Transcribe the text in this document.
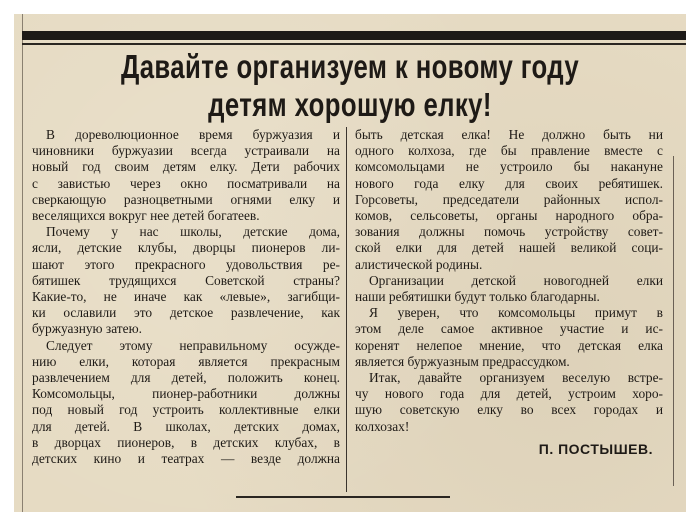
Давайте организуем к новому году
детям хорошую елку!
В дореволюционное время буржуазия и
чиновники буржуазии всегда устраивали на
новый год своим детям елку. Дети рабочих
с завистью через окно посматривали на
сверкающую разноцветными огнями елку и
веселящихся вокруг нее детей богатеев.
Почему у нас школы, детские дома,
ясли, детские клубы, дворцы пионеров ли-
шают этого прекрасного удовольствия ре-
бятишек трудящихся Советской страны?
Какие-то, не иначе как «левые», загибщи-
ки ославили это детское развлечение, как
буржуазную затею.
Следует этому неправильному осужде-
нию елки, которая является прекрасным
развлечением для детей, положить конец.
Комсомольцы, пионер-работники должны
под новый год устроить коллективные елки
для детей. В школах, детских домах,
в дворцах пионеров, в детских клубах, в
детских кино и театрах — везде должна
быть детская елка! Не должно быть ни
одного колхоза, где бы правление вместе с
комсомольцами не устроило бы накануне
нового года елку для своих ребятишек.
Горсоветы, председатели районных испол-
комов, сельсоветы, органы народного обра-
зования должны помочь устройству совет-
ской елки для детей нашей великой соци-
алистической родины.
Организации детской новогодней елки
наши ребятишки будут только благодарны.
Я уверен, что комсомольцы примут в
этом деле самое активное участие и ис-
коренят нелепое мнение, что детская елка
является буржуазным предрассудком.
Итак, давайте организуем веселую встре-
чу нового года для детей, устроим хоро-
шую советскую елку во всех городах и
колхозах!
П. ПОСТЫШЕВ.
